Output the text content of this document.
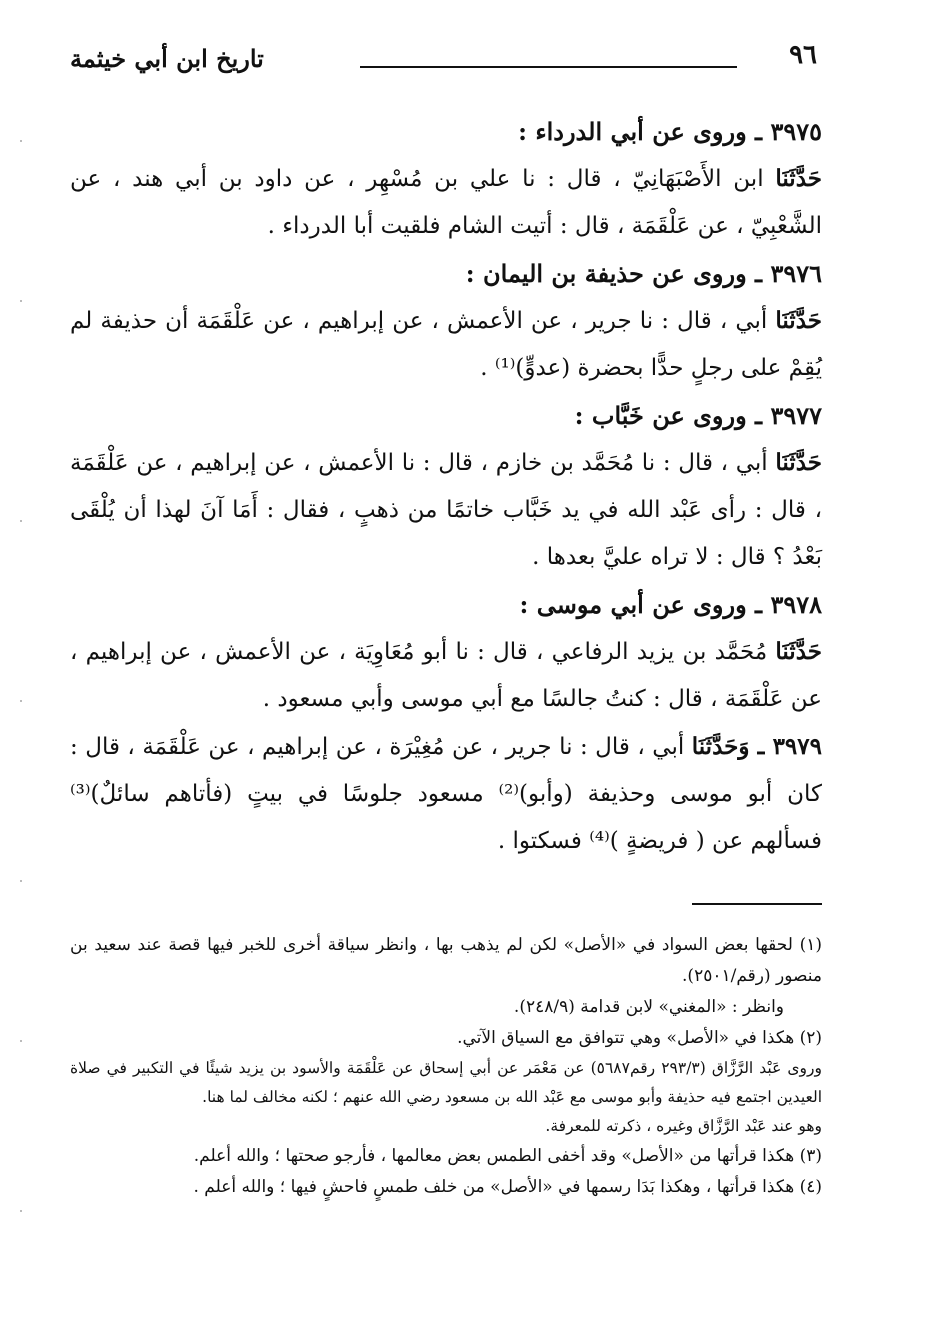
٩٦
تاريخ ابن أبي خيثمة

٣٩٧٥ ـ وروى عن أبي الدرداء :

حَدَّثَنَا ابن الأَصْبَهَانِيّ ، قال : نا علي بن مُسْهِر ، عن داود بن أبي هند ، عن الشَّعْبِيّ ، عن عَلْقَمَة ، قال : أتيت الشام فلقيت أبا الدرداء .

٣٩٧٦ ـ وروى عن حذيفة بن اليمان :

حَدَّثَنَا أبي ، قال : نا جرير ، عن الأعمش ، عن إبراهيم ، عن عَلْقَمَة أن حذيفة لم يُقِمْ على رجلٍ حدًّا بحضرة (عدوٍّ)⁽¹⁾ .

٣٩٧٧ ـ وروى عن خَبَّاب :

حَدَّثَنَا أبي ، قال : نا مُحَمَّد بن خازم ، قال : نا الأعمش ، عن إبراهيم ، عن عَلْقَمَة ، قال : رأى عَبْد الله في يد خَبَّاب خاتمًا من ذهبٍ ، فقال : أَمَا آنَ لهذا أن يُلْقَى بَعْدُ ؟ قال : لا تراه عليَّ بعدها .

٣٩٧٨ ـ وروى عن أبي موسى :

حَدَّثَنَا مُحَمَّد بن يزيد الرفاعي ، قال : نا أبو مُعَاوِيَة ، عن الأعمش ، عن إبراهيم ، عن عَلْقَمَة ، قال : كنتُ جالسًا مع أبي موسى وأبي مسعود .

٣٩٧٩ ـ وَحَدَّثَنَا أبي ، قال : نا جرير ، عن مُغِيْرَة ، عن إبراهيم ، عن عَلْقَمَة ، قال : كان أبو موسى وحذيفة (وأبو)⁽²⁾ مسعود جلوسًا في بيتٍ (فأتاهم سائلٌ)⁽³⁾ فسألهم عن ( فريضةٍ )⁽⁴⁾ فسكتوا .

(١) لحقها بعض السواد في «الأصل» لكن لم يذهب بها ، وانظر سياقة أخرى للخبر فيها قصة عند سعيد بن منصور (رقم/٢٥٠١).

وانظر : «المغني» لابن قدامة (٢٤٨/٩).

(٢) هكذا في «الأصل» وهي تتوافق مع السياق الآتي.

وروى عَبْد الرَّزَّاق (٢٩٣/٣ رقم٥٦٨٧) عن مَعْمَر عن أبي إسحاق عن عَلْقَمَة والأسود بن يزيد شيئًا في التكبير في صلاة العيدين اجتمع فيه حذيفة وأبو موسى مع عَبْد الله بن مسعود رضي الله عنهم ؛ لكنه مخالف لما هنا.

وهو عند عَبْد الرَّزَّاق وغيره ، ذكرته للمعرفة.

(٣) هكذا قرأتها من «الأصل» وقد أخفى الطمس بعض معالمها ، فأرجو صحتها ؛ والله أعلم.

(٤) هكذا قرأتها ، وهكذا بَدَا رسمها في «الأصل» من خلف طمسٍ فاحشٍ فيها ؛ والله أعلم .
